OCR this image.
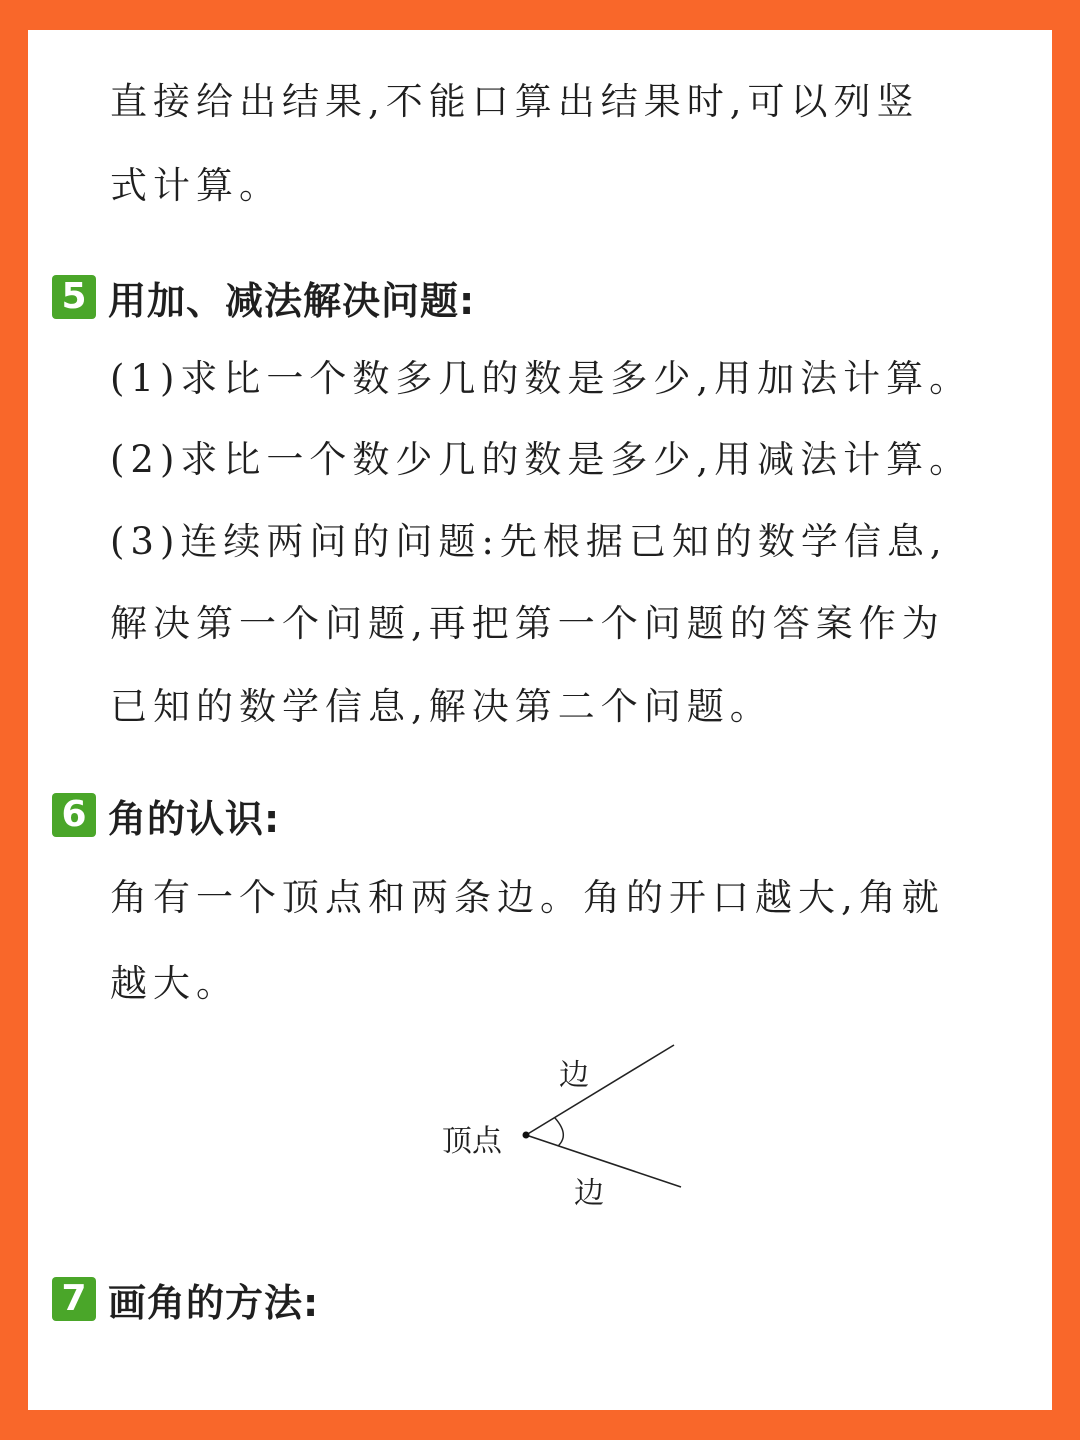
直接给出结果,不能口算出结果时,可以列竖
式计算。
5 用加、减法解决问题:
(1)求比一个数多几的数是多少,用加法计算。
(2)求比一个数少几的数是多少,用减法计算。
(3)连续两问的问题:先根据已知的数学信息,
解决第一个问题,再把第一个问题的答案作为
已知的数学信息,解决第二个问题。
6 角的认识:
角有一个顶点和两条边。角的开口越大,角就
越大。
顶点
边
边
7 画角的方法:
